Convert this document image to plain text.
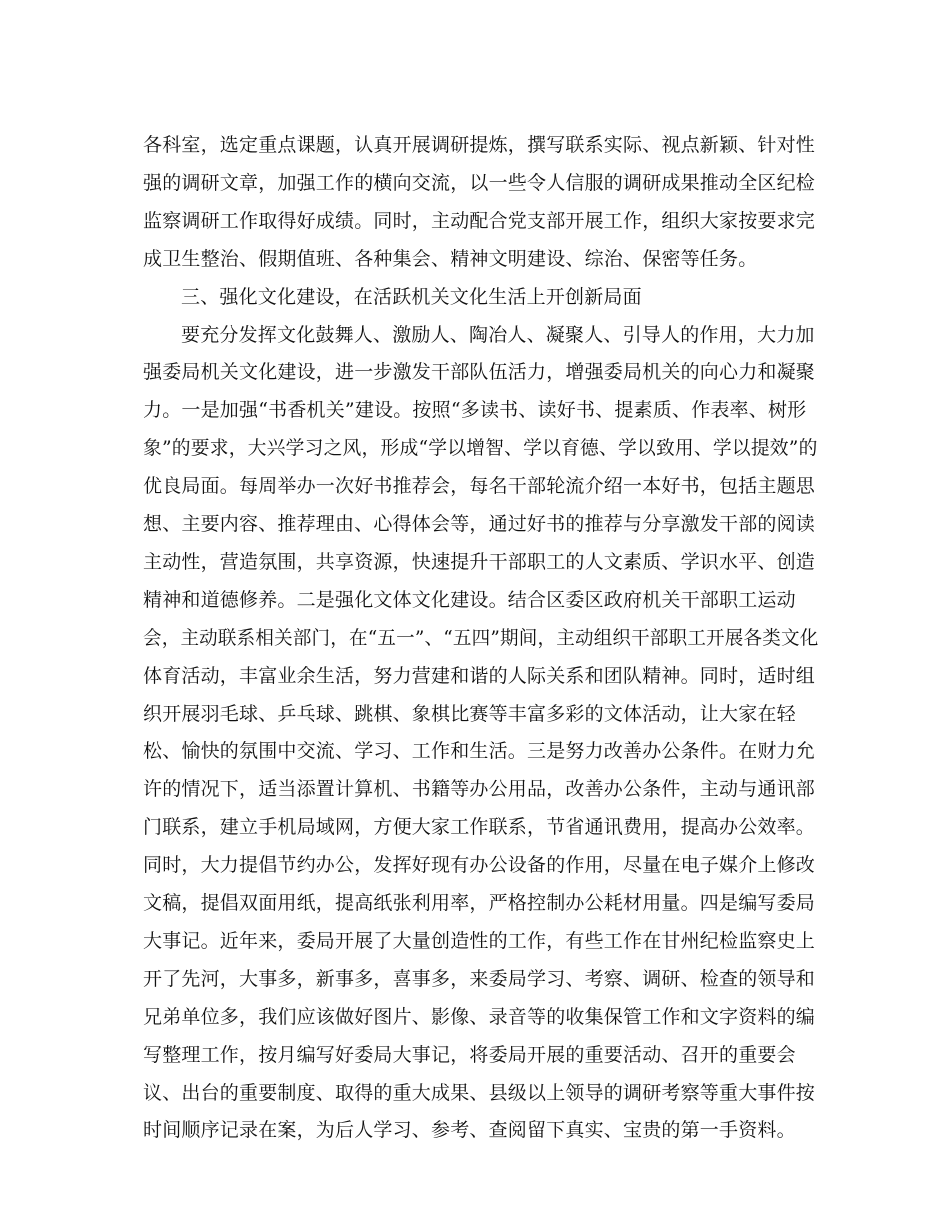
各科室，选定重点课题，认真开展调研提炼，撰写联系实际、视点新颖、针对性
强的调研文章，加强工作的横向交流，以一些令人信服的调研成果推动全区纪检
监察调研工作取得好成绩。同时，主动配合党支部开展工作，组织大家按要求完
成卫生整治、假期值班、各种集会、精神文明建设、综治、保密等任务。
三、强化文化建设，在活跃机关文化生活上开创新局面
要充分发挥文化鼓舞人、激励人、陶冶人、凝聚人、引导人的作用，大力加
强委局机关文化建设，进一步激发干部队伍活力，增强委局机关的向心力和凝聚
力。一是加强“书香机关”建设。按照“多读书、读好书、提素质、作表率、树形
象”的要求，大兴学习之风，形成“学以增智、学以育德、学以致用、学以提效”的
优良局面。每周举办一次好书推荐会，每名干部轮流介绍一本好书，包括主题思
想、主要内容、推荐理由、心得体会等，通过好书的推荐与分享激发干部的阅读
主动性，营造氛围，共享资源，快速提升干部职工的人文素质、学识水平、创造
精神和道德修养。二是强化文体文化建设。结合区委区政府机关干部职工运动
会，主动联系相关部门，在“五一”、“五四”期间，主动组织干部职工开展各类文化
体育活动，丰富业余生活，努力营建和谐的人际关系和团队精神。同时，适时组
织开展羽毛球、乒乓球、跳棋、象棋比赛等丰富多彩的文体活动，让大家在轻
松、愉快的氛围中交流、学习、工作和生活。三是努力改善办公条件。在财力允
许的情况下，适当添置计算机、书籍等办公用品，改善办公条件，主动与通讯部
门联系，建立手机局域网，方便大家工作联系，节省通讯费用，提高办公效率。
同时，大力提倡节约办公，发挥好现有办公设备的作用，尽量在电子媒介上修改
文稿，提倡双面用纸，提高纸张利用率，严格控制办公耗材用量。四是编写委局
大事记。近年来，委局开展了大量创造性的工作，有些工作在甘州纪检监察史上
开了先河，大事多，新事多，喜事多，来委局学习、考察、调研、检查的领导和
兄弟单位多，我们应该做好图片、影像、录音等的收集保管工作和文字资料的编
写整理工作，按月编写好委局大事记，将委局开展的重要活动、召开的重要会
议、出台的重要制度、取得的重大成果、县级以上领导的调研考察等重大事件按
时间顺序记录在案，为后人学习、参考、查阅留下真实、宝贵的第一手资料。
